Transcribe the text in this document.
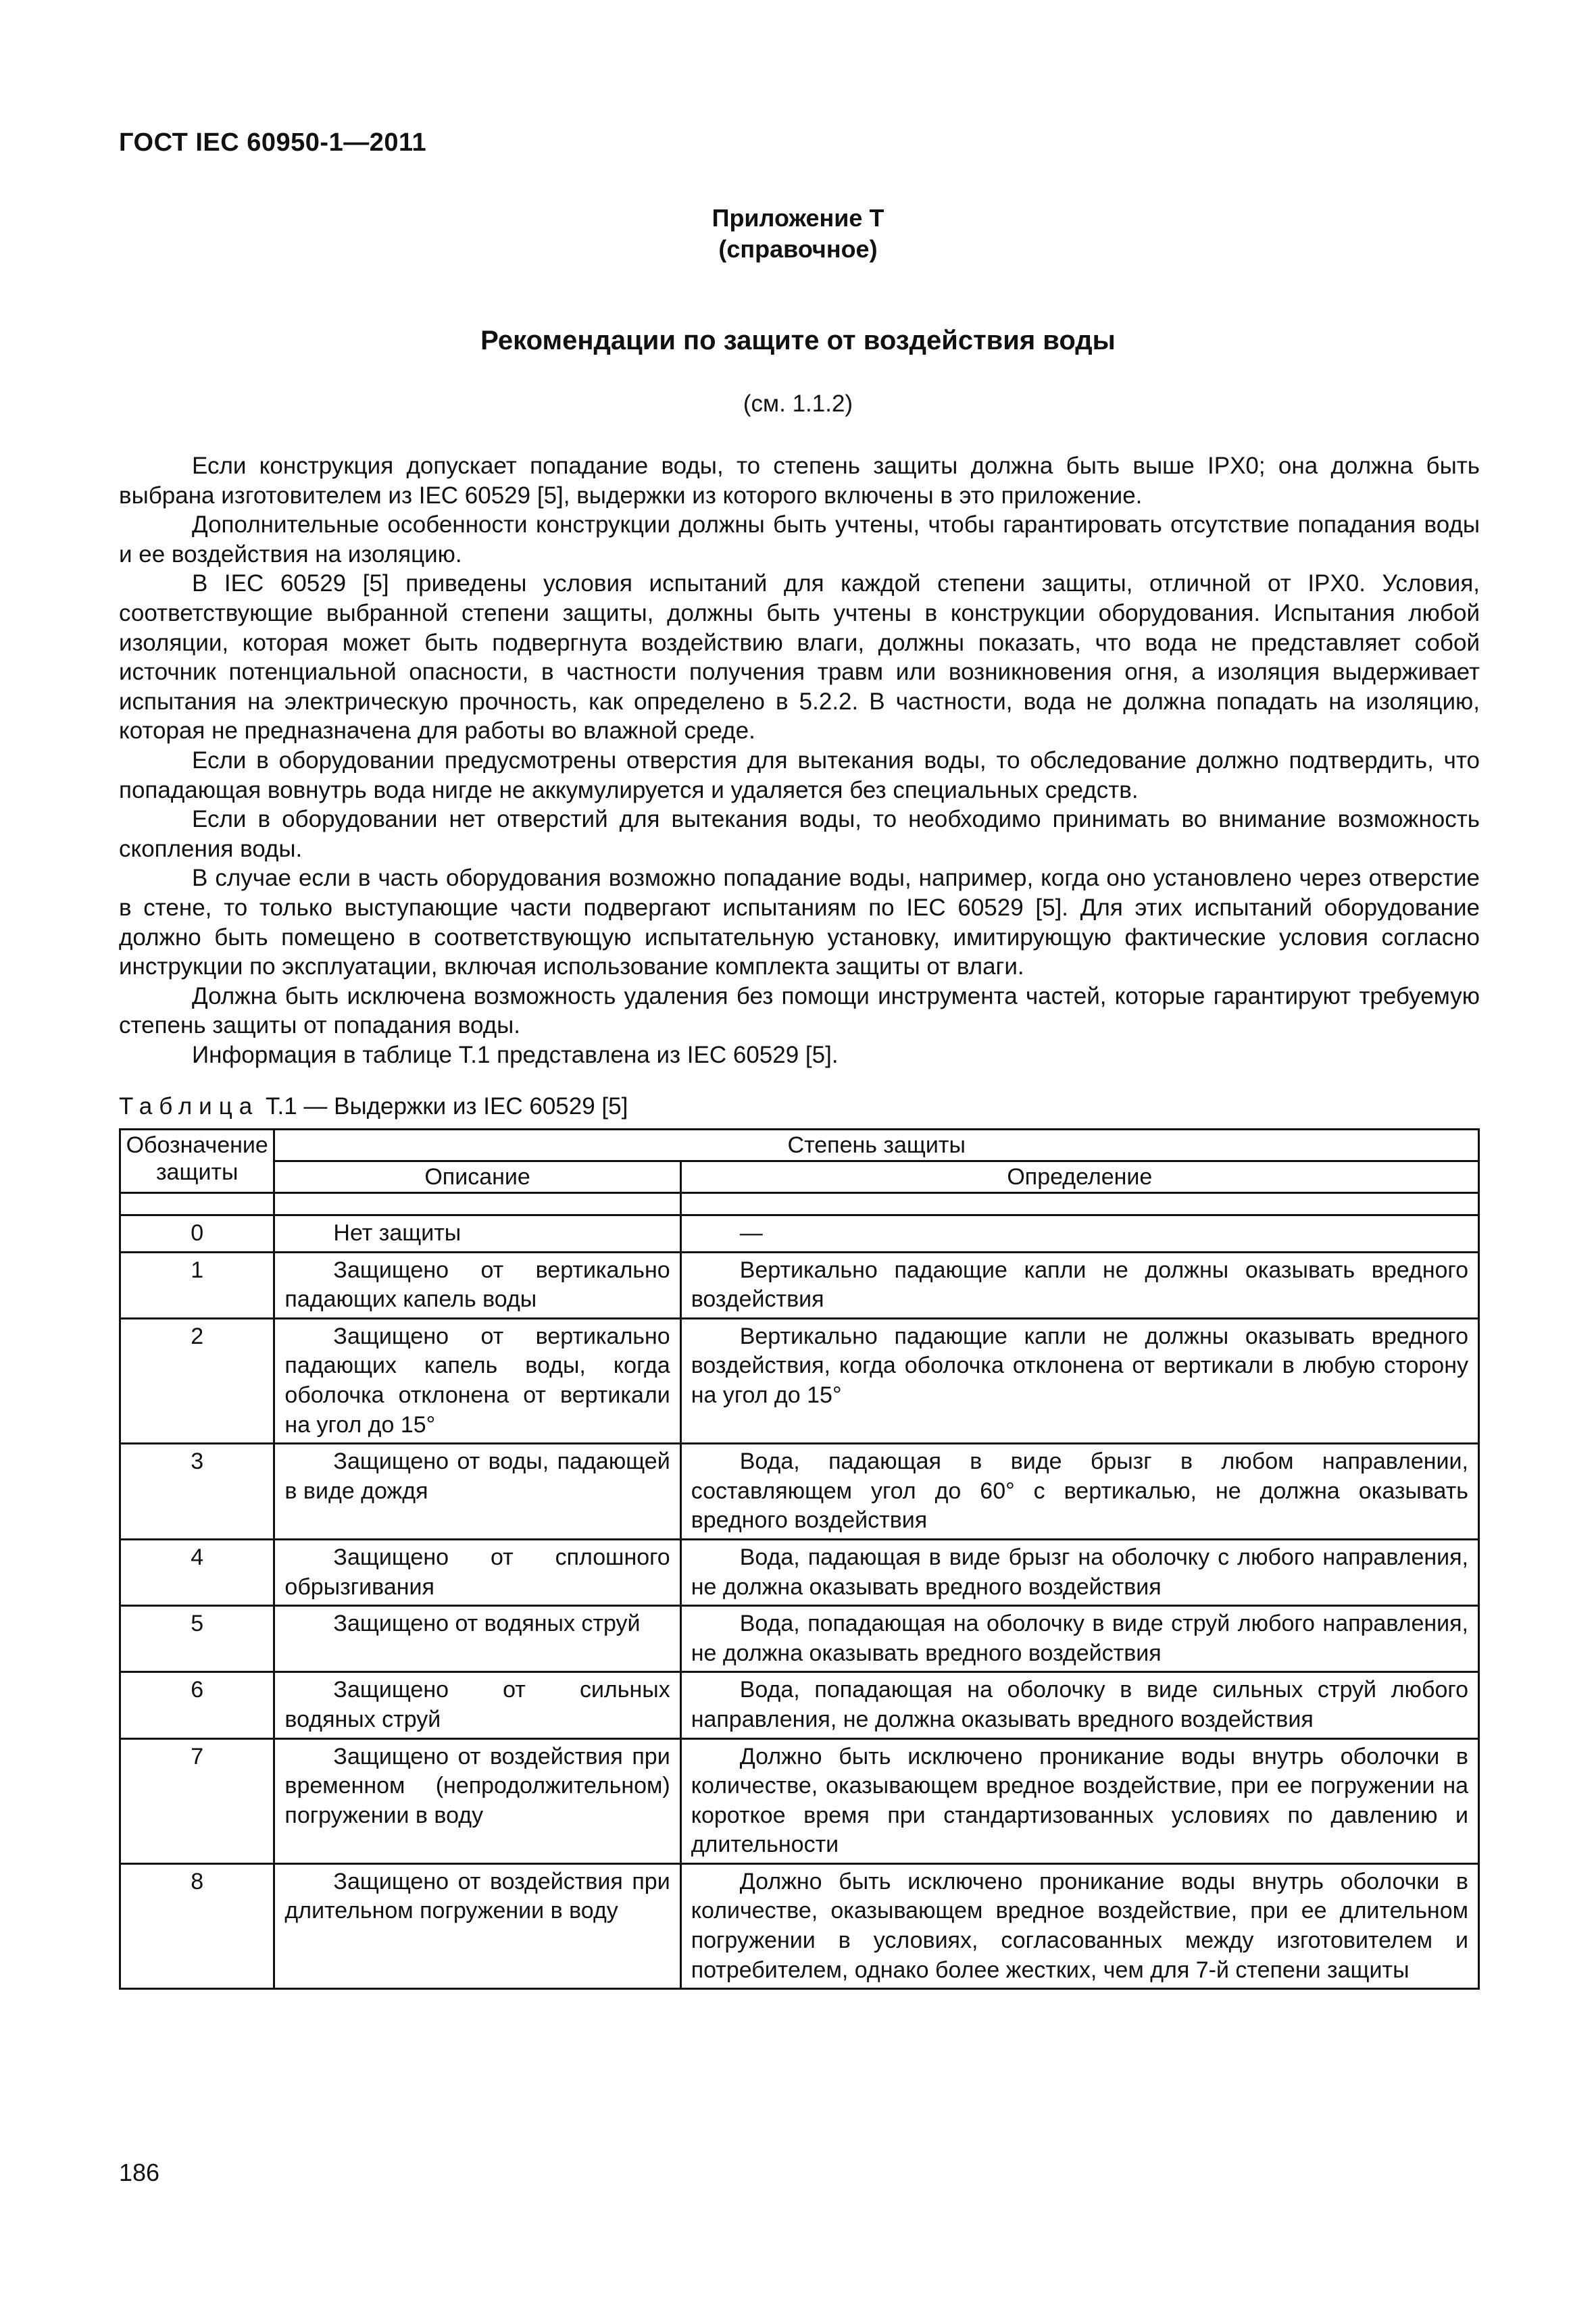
ГОСТ IEC 60950-1—2011
Приложение Т
(справочное)
Рекомендации по защите от воздействия воды
(см. 1.1.2)

Если конструкция допускает попадание воды, то степень защиты должна быть выше IPX0; она должна быть выбрана изготовителем из IEC 60529 [5], выдержки из которого включены в это приложение.

Дополнительные особенности конструкции должны быть учтены, чтобы гарантировать отсутствие попадания воды и ее воздействия на изоляцию.

В IEC 60529 [5] приведены условия испытаний для каждой степени защиты, отличной от IPX0. Условия, соответствующие выбранной степени защиты, должны быть учтены в конструкции оборудования. Испытания любой изоляции, которая может быть подвергнута воздействию влаги, должны показать, что вода не представляет собой источник потенциальной опасности, в частности получения травм или возникновения огня, а изоляция выдерживает испытания на электрическую прочность, как определено в 5.2.2. В частности, вода не должна попадать на изоляцию, которая не предназначена для работы во влажной среде.

Если в оборудовании предусмотрены отверстия для вытекания воды, то обследование должно подтвердить, что попадающая вовнутрь вода нигде не аккумулируется и удаляется без специальных средств.

Если в оборудовании нет отверстий для вытекания воды, то необходимо принимать во внимание возможность скопления воды.

В случае если в часть оборудования возможно попадание воды, например, когда оно установлено через отверстие в стене, то только выступающие части подвергают испытаниям по IEC 60529 [5]. Для этих испытаний оборудование должно быть помещено в соответствующую испытательную установку, имитирующую фактические условия согласно инструкции по эксплуатации, включая использование комплекта защиты от влаги.

Должна быть исключена возможность удаления без помощи инструмента частей, которые гарантируют требуемую степень защиты от попадания воды.

Информация в таблице Т.1 представлена из IEC 60529 [5].

Таблица Т.1 — Выдержки из IEC 60529 [5]
Обозначение защиты	Степень защиты	
	Описание	Определение

0	Нет защиты	—

1	Защищено от вертикально падающих капель воды	Вертикально падающие капли не должны оказывать вредного воздействия

2	Защищено от вертикально падающих капель воды, когда оболочка отклонена от вертикали на угол до 15°	Вертикально падающие капли не должны оказывать вредного воздействия, когда оболочка отклонена от вертикали в любую сторону на угол до 15°

3	Защищено от воды, падающей в виде дождя	Вода, падающая в виде брызг в любом направлении, составляющем угол до 60° с вертикалью, не должна оказывать вредного воздействия

4	Защищено от сплошного обрызгивания	Вода, падающая в виде брызг на оболочку с любого направления, не должна оказывать вредного воздействия

5	Защищено от водяных струй	Вода, попадающая на оболочку в виде струй любого направления, не должна оказывать вредного воздействия

6	Защищено от сильных водяных струй	Вода, попадающая на оболочку в виде сильных струй любого направления, не должна оказывать вредного воздействия

7	Защищено от воздействия при временном (непродолжительном) погружении в воду	Должно быть исключено проникание воды внутрь оболочки в количестве, оказывающем вредное воздействие, при ее погружении на короткое время при стандартизованных условиях по давлению и длительности

8	Защищено от воздействия при длительном погружении в воду	Должно быть исключено проникание воды внутрь оболочки в количестве, оказывающем вредное воздействие, при ее длительном погружении в условиях, согласованных между изготовителем и потребителем, однако более жестких, чем для 7-й степени защиты
186
